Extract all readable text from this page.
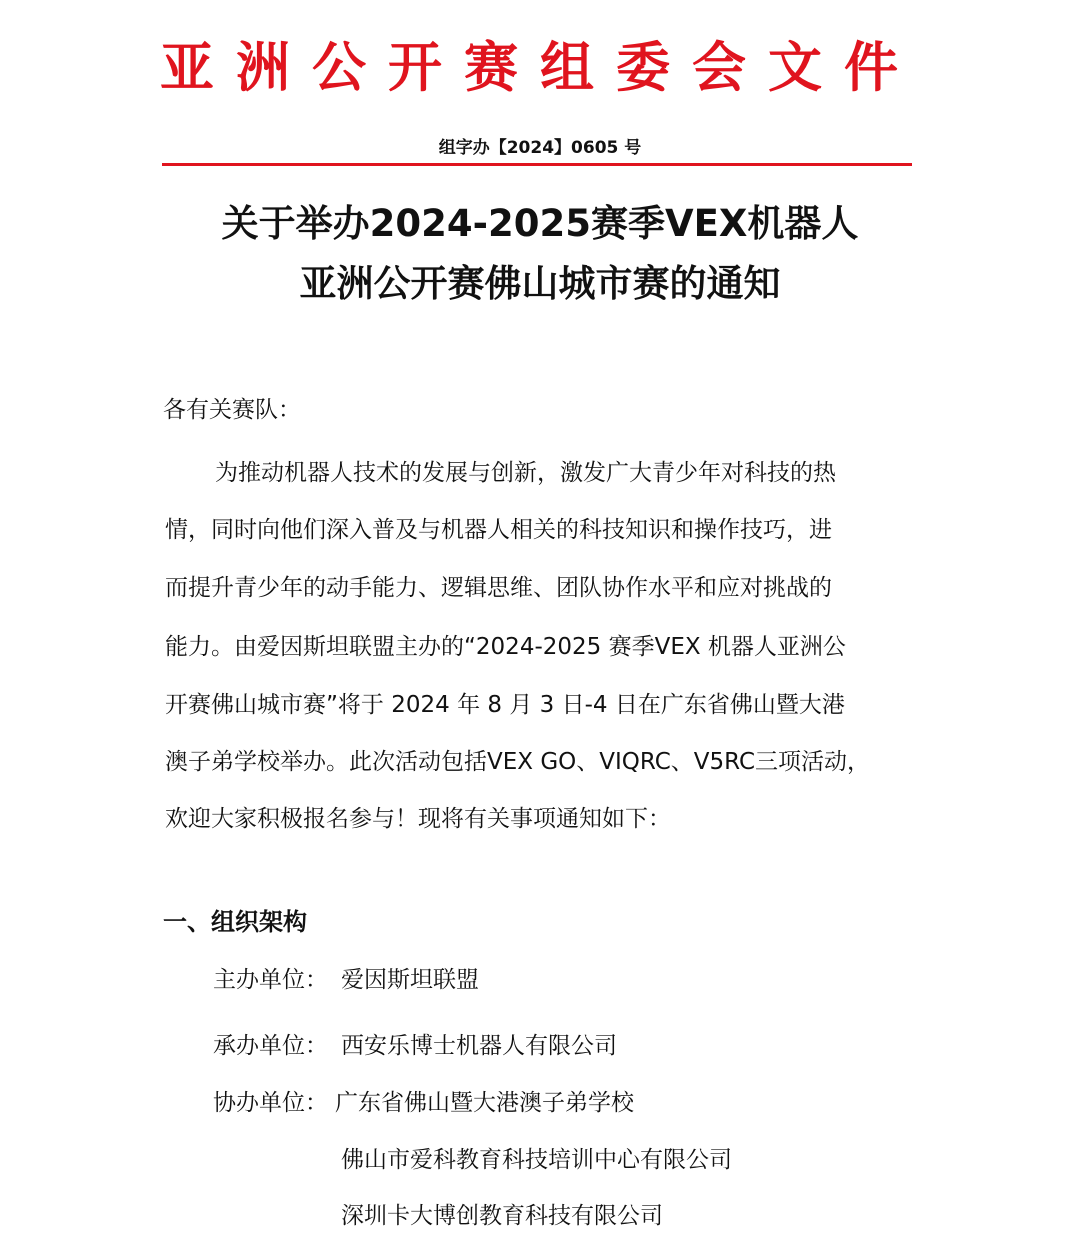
亚洲公开赛组委会文件
组字办【2024】0605 号
关于举办2024-2025赛季VEX机器人
亚洲公开赛佛山城市赛的通知
各有关赛队：
为推动机器人技术的发展与创新，激发广大青少年对科技的热
情，同时向他们深入普及与机器人相关的科技知识和操作技巧，进
而提升青少年的动手能力、逻辑思维、团队协作水平和应对挑战的
能力。由爱因斯坦联盟主办的“2024-2025 赛季VEX 机器人亚洲公
开赛佛山城市赛”将于 2024 年 8 月 3 日-4 日在广东省佛山暨大港
澳子弟学校举办。此次活动包括VEX GO、VIQRC、V5RC三项活动，
欢迎大家积极报名参与！现将有关事项通知如下：
一、组织架构
主办单位： 爱因斯坦联盟
承办单位： 西安乐博士机器人有限公司
协办单位： 广东省佛山暨大港澳子弟学校
佛山市爱科教育科技培训中心有限公司
深圳卡大博创教育科技有限公司
